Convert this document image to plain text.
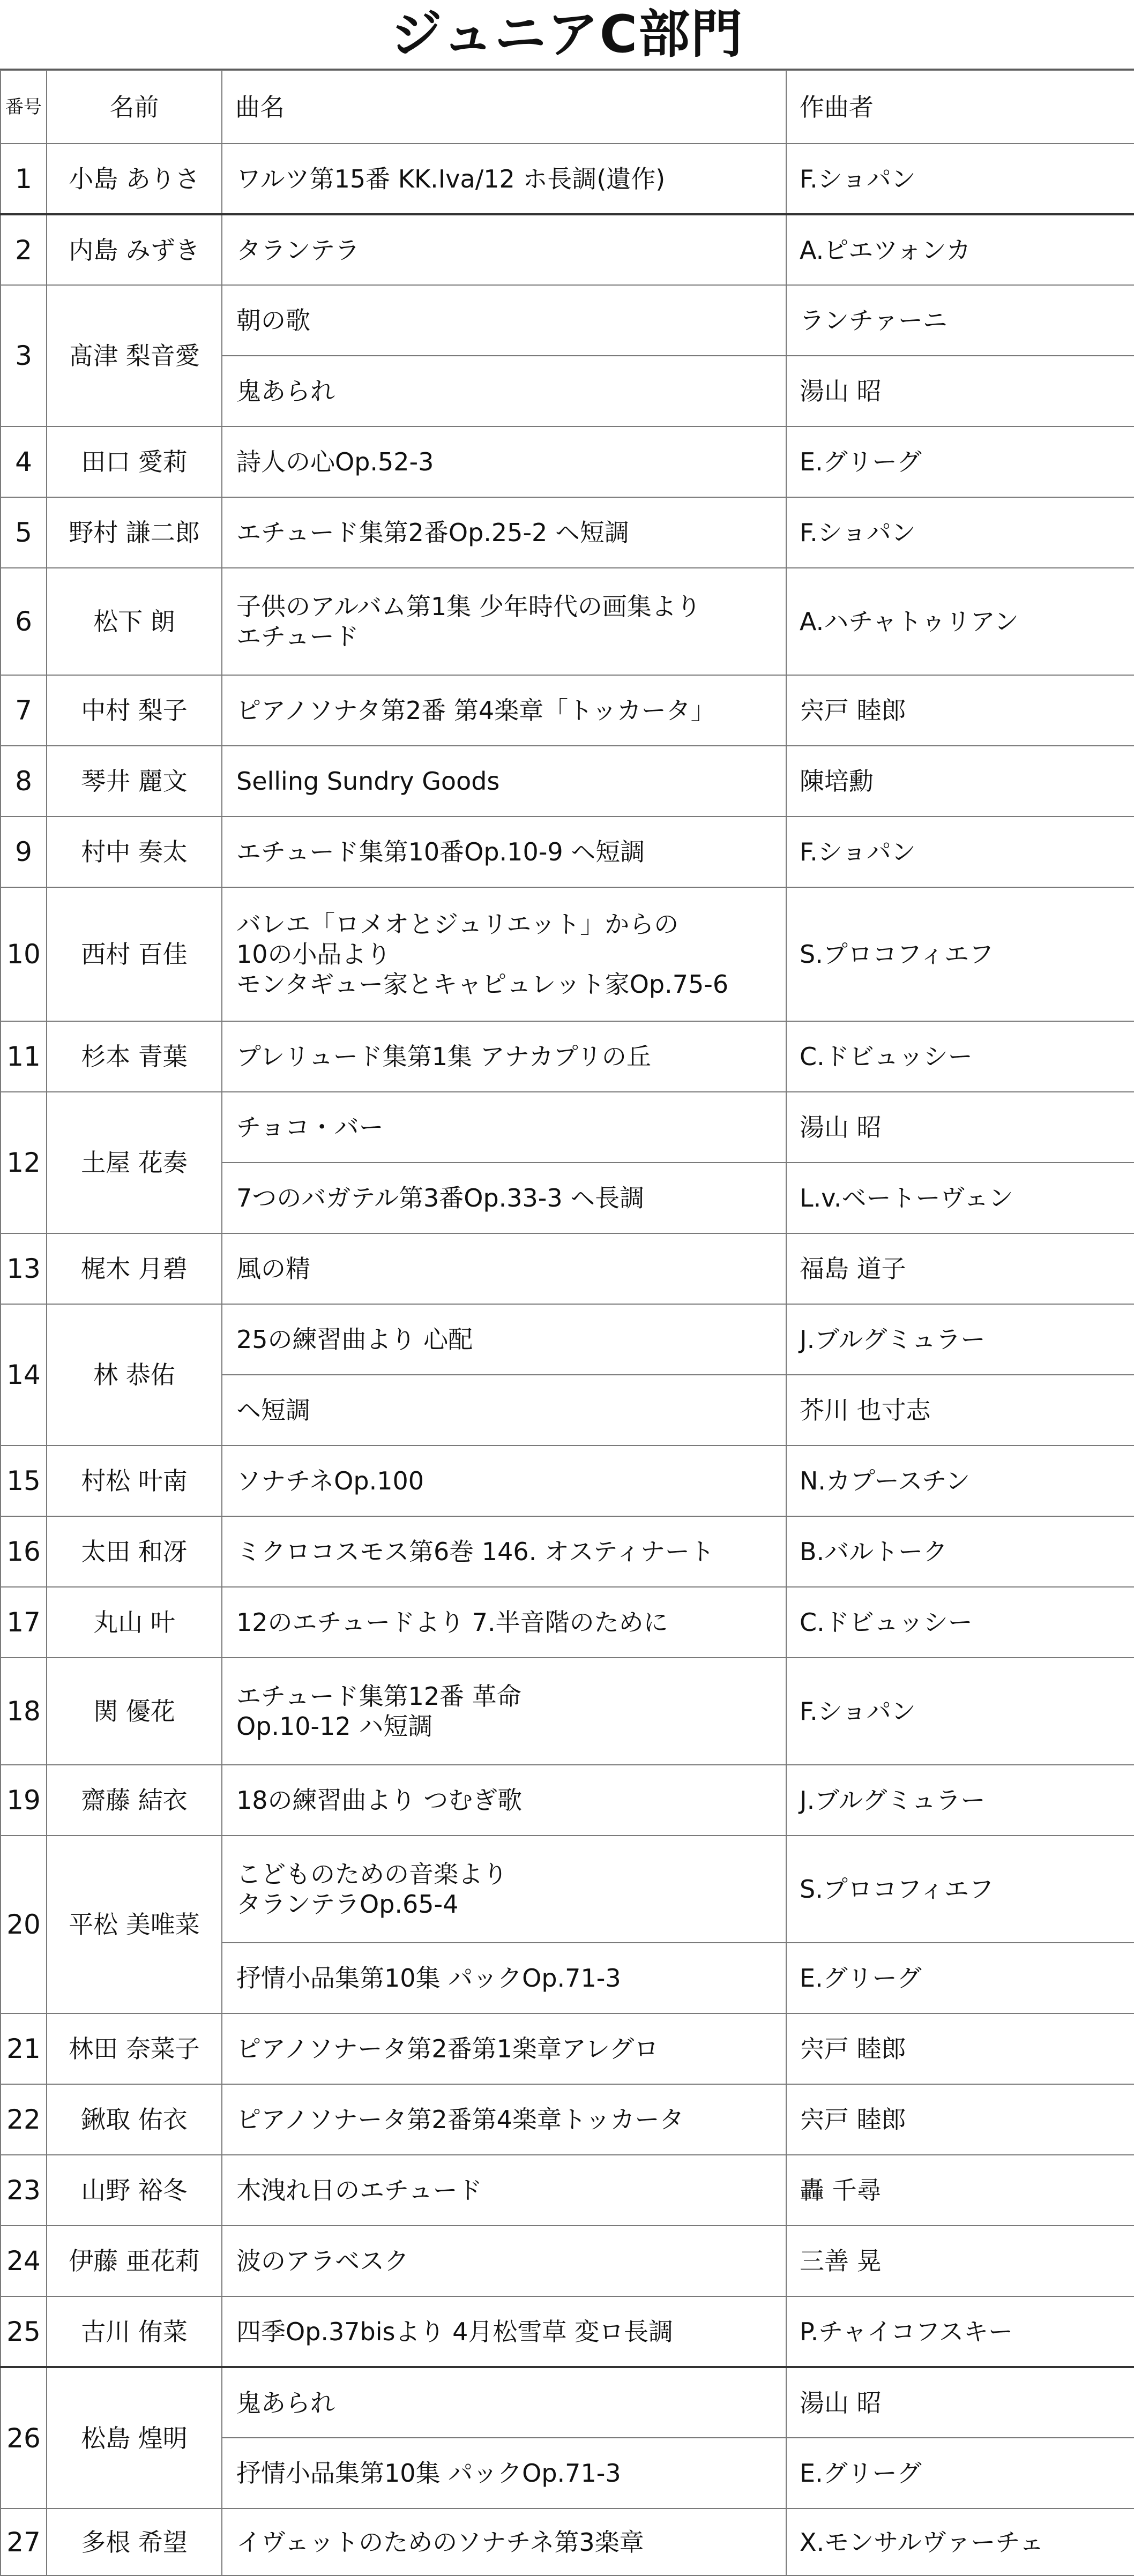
ジュニアC部門
番号	名前	曲名	作曲者
1	小島 ありさ	ワルツ第15番 KK.Iva/12 ホ長調(遺作)	F.ショパン
2	内島 みずき	タランテラ	A.ピエツォンカ
3	髙津 梨音愛	朝の歌	ランチァーニ
		鬼あられ	湯山 昭
4	田口 愛莉	詩人の心Op.52-3	E.グリーグ
5	野村 謙二郎	エチュード集第2番Op.25-2 ヘ短調	F.ショパン
6	松下 朗	子供のアルバム第1集 少年時代の画集より
エチュード	A.ハチャトゥリアン
7	中村 梨子	ピアノソナタ第2番 第4楽章「トッカータ」	宍戸 睦郎
8	琴井 麗文	Selling Sundry Goods	陳培勳
9	村中 奏太	エチュード集第10番Op.10-9 ヘ短調	F.ショパン
10	西村 百佳	バレエ「ロメオとジュリエット」からの
10の小品より
モンタギュー家とキャピュレット家Op.75-6	S.プロコフィエフ
11	杉本 青葉	プレリュード集第1集 アナカプリの丘	C.ドビュッシー
12	土屋 花奏	チョコ・バー	湯山 昭
		7つのバガテル第3番Op.33-3 ヘ長調	L.v.ベートーヴェン
13	梶木 月碧	風の精	福島 道子
14	林 恭佑	25の練習曲より 心配	J.ブルグミュラー
		ヘ短調	芥川 也寸志
15	村松 叶南	ソナチネOp.100	N.カプースチン
16	太田 和冴	ミクロコスモス第6巻 146. オスティナート	B.バルトーク
17	丸山 叶	12のエチュードより 7.半音階のために	C.ドビュッシー
18	関 優花	エチュード集第12番 革命
Op.10-12 ハ短調	F.ショパン
19	齋藤 結衣	18の練習曲より つむぎ歌	J.ブルグミュラー
20	平松 美唯菜	こどものための音楽より
タランテラOp.65-4	S.プロコフィエフ
		抒情小品集第10集 パックOp.71-3	E.グリーグ
21	林田 奈菜子	ピアノソナータ第2番第1楽章アレグロ	宍戸 睦郎
22	鍬取 佑衣	ピアノソナータ第2番第4楽章トッカータ	宍戸 睦郎
23	山野 裕冬	木洩れ日のエチュード	轟 千尋
24	伊藤 亜花莉	波のアラベスク	三善 晃
25	古川 侑菜	四季Op.37bisより 4月松雪草 変ロ長調	P.チャイコフスキー
26	松島 煌明	鬼あられ	湯山 昭
		抒情小品集第10集 パックOp.71-3	E.グリーグ
27	多根 希望	イヴェットのためのソナチネ第3楽章	X.モンサルヴァーチェ
